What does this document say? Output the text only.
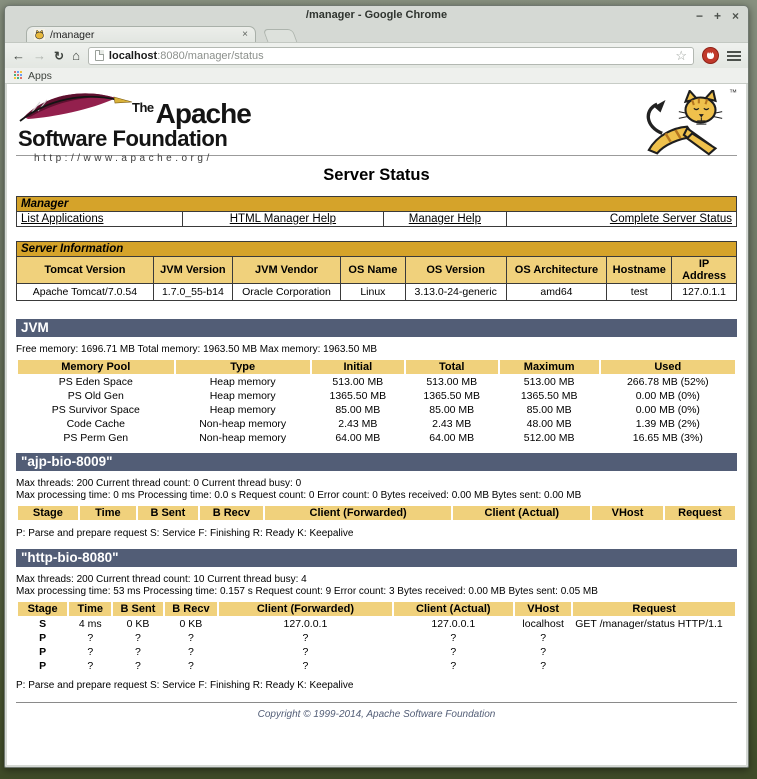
/manager - Google Chrome	− + ×
/manager	×
← → ↻ ⌂	localhost:8080/manager/status	☆
Apps
The Apache
Software Foundation
http://www.apache.org/
™
Server Status
Manager
List Applications	HTML Manager Help	Manager Help	Complete Server Status
Server Information							
Tomcat Version	JVM Version	JVM Vendor	OS Name	OS Version	OS Architecture	Hostname	IP Address
Apache Tomcat/7.0.54	1.7.0_55-b14	Oracle Corporation	Linux	3.13.0-24-generic	amd64	test	127.0.1.1
JVM
Free memory: 1696.71 MB Total memory: 1963.50 MB Max memory: 1963.50 MB
Memory Pool	Type	Initial	Total	Maximum	Used
PS Eden Space	Heap memory	513.00 MB	513.00 MB	513.00 MB	266.78 MB (52%)
PS Old Gen	Heap memory	1365.50 MB	1365.50 MB	1365.50 MB	0.00 MB (0%)
PS Survivor Space	Heap memory	85.00 MB	85.00 MB	85.00 MB	0.00 MB (0%)
Code Cache	Non-heap memory	2.43 MB	2.43 MB	48.00 MB	1.39 MB (2%)
PS Perm Gen	Non-heap memory	64.00 MB	64.00 MB	512.00 MB	16.65 MB (3%)
"ajp-bio-8009"
Max threads: 200 Current thread count: 0 Current thread busy: 0
Max processing time: 0 ms Processing time: 0.0 s Request count: 0 Error count: 0 Bytes received: 0.00 MB Bytes sent: 0.00 MB
Stage	Time	B Sent	B Recv	Client (Forwarded)	Client (Actual)	VHost	Request
P: Parse and prepare request S: Service F: Finishing R: Ready K: Keepalive
"http-bio-8080"
Max threads: 200 Current thread count: 10 Current thread busy: 4
Max processing time: 53 ms Processing time: 0.157 s Request count: 9 Error count: 3 Bytes received: 0.00 MB Bytes sent: 0.05 MB
Stage	Time	B Sent	B Recv	Client (Forwarded)	Client (Actual)	VHost	Request
S	4 ms	0 KB	0 KB	127.0.0.1	127.0.0.1	localhost	GET /manager/status HTTP/1.1
P	?	?	?	?	?	?	
P	?	?	?	?	?	?	
P	?	?	?	?	?	?	
P: Parse and prepare request S: Service F: Finishing R: Ready K: Keepalive
Copyright © 1999-2014, Apache Software Foundation
